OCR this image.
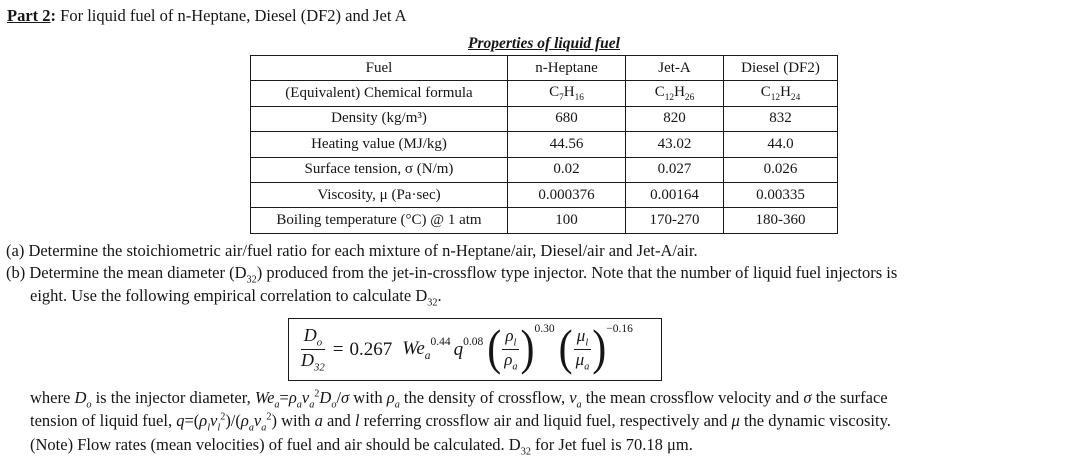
Part 2: For liquid fuel of n-Heptane, Diesel (DF2) and Jet A
Properties of liquid fuel
Fuel	n-Heptane	Jet-A	Diesel (DF2)
(Equivalent) Chemical formula	$C_7H_{16}$	$C_{12}H_{26}$	$C_{12}H_{24}$
Density (kg/m³)	680	820	832
Heating value (MJ/kg)	44.56	43.02	44.0
Surface tension, σ (N/m)	0.02	0.027	0.026
Viscosity, μ (Pa·sec)	0.000376	0.00164	0.00335
Boiling temperature (°C) @ 1 atm	100	170-270	180-360
(a) Determine the stoichiometric air/fuel ratio for each mixture of n-Heptane/air, Diesel/air and Jet-A/air.
(b) Determine the mean diameter $(D_{32})$ produced from the jet-in-crossflow type injector. Note that the number of liquid fuel injectors is
eight. Use the following empirical correlation to calculate $D_{32}$.
$\frac{D_o}{D_{32}} = 0.267$ $We_a$
0.44 q 0.08 ( $\frac{\rho_l}{\rho_a}$ ) 0.30 ( $\frac{\mu_l}{\mu_a}$ ) −0.16
where $D_o$ is the injector diameter, $We_a=\rho_av_a^2D_o/\sigma$ with $\rho_a$ the density of crossflow, $v_a$ the mean crossflow velocity and σ the surface
tension of liquid fuel, $q=(\rho_lv_l^2)/(\rho_av_a^2)$ with a and l referring crossflow air and liquid fuel, respectively and μ the dynamic viscosity.
(Note) Flow rates (mean velocities) of fuel and air should be calculated. $D_{32}$ for Jet fuel is 70.18 μm.
